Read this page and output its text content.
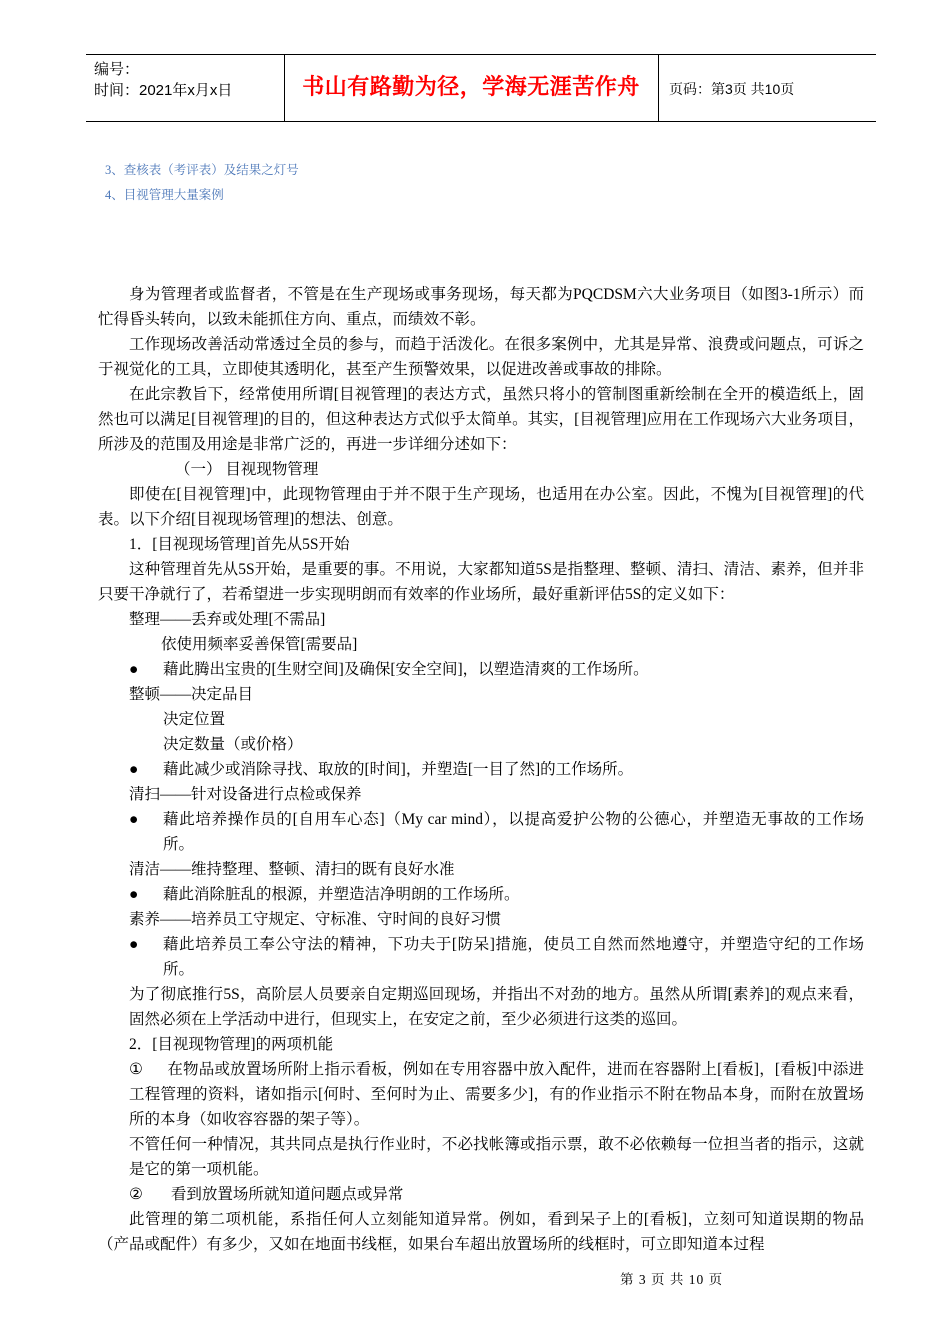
编号：
时间：2021年x月x日	书山有路勤为径，学海无涯苦作舟	页码：第3页 共10页
3、查核表（考评表）及结果之灯号
4、目视管理大量案例

身为管理者或监督者，不管是在生产现场或事务现场，每天都为PQCDSM六大业务项目（如图3-1所示）而忙得昏头转向，以致未能抓住方向、重点，而绩效不彰。

工作现场改善活动常透过全员的参与，而趋于活泼化。在很多案例中，尤其是异常、浪费或问题点，可诉之于视觉化的工具，立即使其透明化，甚至产生预警效果，以促进改善或事故的排除。

在此宗教旨下，经常使用所谓[目视管理]的表达方式，虽然只将小的管制图重新绘制在全开的模造纸上，固然也可以满足[目视管理]的目的，但这种表达方式似乎太简单。其实，[目视管理]应用在工作现场六大业务项目，所涉及的范围及用途是非常广泛的，再进一步详细分述如下：

（一） 目视现物管理

即使在[目视管理]中，此现物管理由于并不限于生产现场，也适用在办公室。因此，不愧为[目视管理]的代表。以下介绍[目视现场管理]的想法、创意。

1．[目视现场管理]首先从5S开始

这种管理首先从5S开始，是重要的事。不用说，大家都知道5S是指整理、整顿、清扫、清洁、素养，但并非只要干净就行了，若希望进一步实现明朗而有效率的作业场所，最好重新评估5S的定义如下：

整理——丢弃或处理[不需品]

依使用频率妥善保管[需要品]

● 藉此腾出宝贵的[生财空间]及确保[安全空间]，以塑造清爽的工作场所。

整顿——决定品目

决定位置

决定数量（或价格）

● 藉此减少或消除寻找、取放的[时间]，并塑造[一目了然]的工作场所。

清扫——针对设备进行点检或保养

● 藉此培养操作员的[自用车心态]（My car mind），以提高爱护公物的公德心，并塑造无事故的工作场所。

清洁——维持整理、整顿、清扫的既有良好水准

● 藉此消除脏乱的根源，并塑造洁净明朗的工作场所。

素养——培养员工守规定、守标准、守时间的良好习惯

● 藉此培养员工奉公守法的精神，下功夫于[防呆]措施，使员工自然而然地遵守，并塑造守纪的工作场所。

为了彻底推行5S，高阶层人员要亲自定期巡回现场，并指出不对劲的地方。虽然从所谓[素养]的观点来看，固然必须在上学活动中进行，但现实上，在安定之前，至少必须进行这类的巡回。

2．[目视现物管理]的两项机能

① 在物品或放置场所附上指示看板，例如在专用容器中放入配件，进而在容器附上[看板]，[看板]中添进工程管理的资料，诸如指示[何时、至何时为止、需要多少]，有的作业指示不附在物品本身，而附在放置场所的本身（如收容容器的架子等）。

不管任何一种情况，其共同点是执行作业时，不必找帐簿或指示票，敢不必依赖每一位担当者的指示，这就是它的第一项机能。

② 看到放置场所就知道问题点或异常

此管理的第二项机能，系指任何人立刻能知道异常。例如，看到呆子上的[看板]，立刻可知道误期的物品（产品或配件）有多少，又如在地面书线框，如果台车超出放置场所的线框时，可立即知道本过程

第 3 页 共 10 页
